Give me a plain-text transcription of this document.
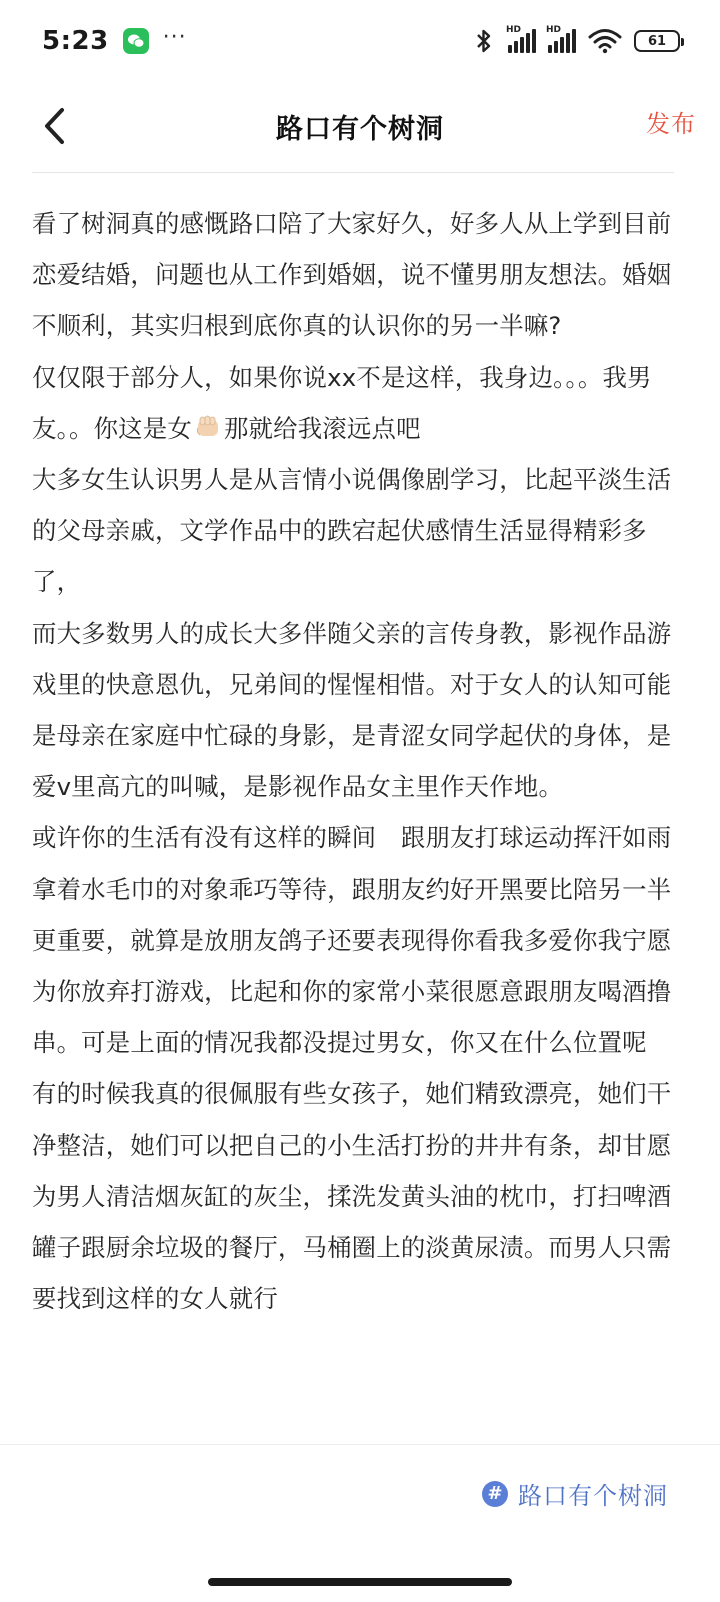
5:23 ···	HD	HD
61
路口有个树洞	发布

看了树洞真的感慨路口陪了大家好久，好多人从上学到目前恋爱结婚，问题也从工作到婚姻，说不懂男朋友想法。婚姻不顺利，其实归根到底你真的认识你的另一半嘛?

仅仅限于部分人，如果你说xx不是这样，我身边。。。我男友。。你这是女 那就给我滚远点吧

大多女生认识男人是从言情小说偶像剧学习，比起平淡生活的父母亲戚，文学作品中的跌宕起伏感情生活显得精彩多了，

而大多数男人的成长大多伴随父亲的言传身教，影视作品游戏里的快意恩仇，兄弟间的惺惺相惜。对于女人的认知可能是母亲在家庭中忙碌的身影，是青涩女同学起伏的身体，是爱v里高亢的叫喊，是影视作品女主里作天作地。

或许你的生活有没有这样的瞬间　跟朋友打球运动挥汗如雨拿着水毛巾的对象乖巧等待，跟朋友约好开黑要比陪另一半更重要，就算是放朋友鸽子还要表现得你看我多爱你我宁愿为你放弃打游戏，比起和你的家常小菜很愿意跟朋友喝酒撸串。可是上面的情况我都没提过男女，你又在什么位置呢

有的时候我真的很佩服有些女孩子，她们精致漂亮，她们干净整洁，她们可以把自己的小生活打扮的井井有条，却甘愿为男人清洁烟灰缸的灰尘，揉洗发黄头油的枕巾，打扫啤酒罐子跟厨余垃圾的餐厅，马桶圈上的淡黄尿渍。而男人只需要找到这样的女人就行

# 路口有个树洞
